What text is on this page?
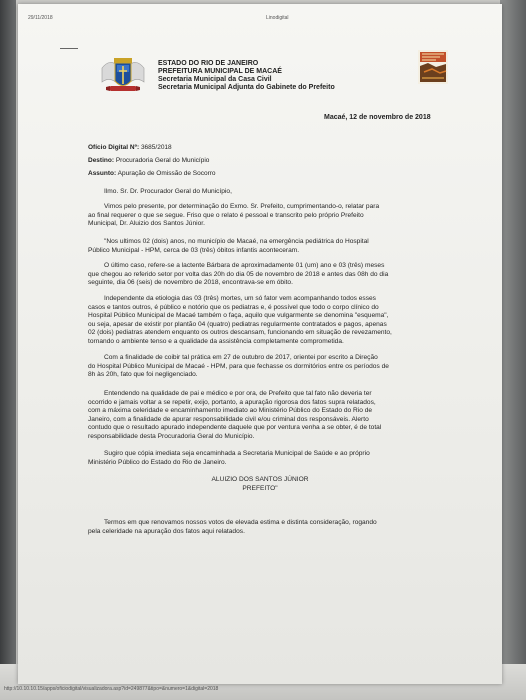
http://10.10.10.15/apps/oficiodigital/visualizadora.asp?id=249877&tipo=&numero=1&digital=2018
29/11/2018	Linodigital
ESTADO DO RIO DE JANEIRO
PREFEITURA MUNICIPAL DE MACAÉ
Secretaria Municipal da Casa Civil
Secretaria Municipal Adjunta do Gabinete do Prefeito
Macaé, 12 de novembro de 2018
Ofício Digital Nº: 3685/2018
Destino: Procuradoria Geral do Município
Assunto: Apuração de Omissão de Socorro
Ilmo. Sr. Dr. Procurador Geral do Município,
Vimos pelo presente, por determinação do Exmo. Sr. Prefeito, cumprimentando-o, relatar para
ao final requerer o que se segue. Friso que o relato é pessoal e transcrito pelo próprio Prefeito
Municipal, Dr. Aluizio dos Santos Júnior.
"Nos ultimos 02 (dois) anos, no município de Macaé, na emergência pediátrica do Hospital
Público Municipal - HPM, cerca de 03 (três) óbitos infantis aconteceram.
O último caso, refere-se a lactente Bárbara de aproximadamente 01 (um) ano e 03 (três) meses
que chegou ao referido setor por volta das 20h do dia 05 de novembro de 2018 e antes das 08h do dia
seguinte, dia 06 (seis) de novembro de 2018, encontrava-se em óbito.
Independente da etiologia das 03 (três) mortes, um só fator vem acompanhando todos esses
casos e tantos outros, é público e notório que os pediatras e, é possível que todo o corpo clínico do
Hospital Público Municipal de Macaé também o faça, aquilo que vulgarmente se denomina "esquema",
ou seja, apesar de existir por plantão 04 (quatro) pediatras regularmente contratados e pagos, apenas
02 (dois) pediatras atendem enquanto os outros descansam, funcionando em situação de revezamento,
tornando o ambiente tenso e a qualidade da assistência completamente comprometida.
Com a finalidade de coibir tal prática em 27 de outubro de 2017, orientei por escrito a Direção
do Hospital Público Municipal de Macaé - HPM, para que fechasse os dormitórios entre os períodos de
8h às 20h, fato que foi negligenciado.
Entendendo na qualidade de pai e médico e por ora, de Prefeito que tal fato não deveria ter
ocorrido e jamais voltar a se repetir, exijo, portanto, a apuração rigorosa dos fatos supra relatados,
com a máxima celeridade e encaminhamento imediato ao Ministério Público do Estado do Rio de
Janeiro, com a finalidade de apurar responsabilidade civil e/ou criminal dos responsáveis. Alerto
contudo que o resultado apurado independente daquele que por ventura venha a se obter, é de total
responsabilidade desta Procuradoria Geral do Município.
Sugiro que cópia imediata seja encaminhada a Secretaria Municipal de Saúde e ao próprio
Ministério Público do Estado do Rio de Janeiro.
ALUIZIO DOS SANTOS JÚNIOR
PREFEITO"
Termos em que renovamos nossos votos de elevada estima e distinta consideração, rogando
pela celeridade na apuração dos fatos aqui relatados.
